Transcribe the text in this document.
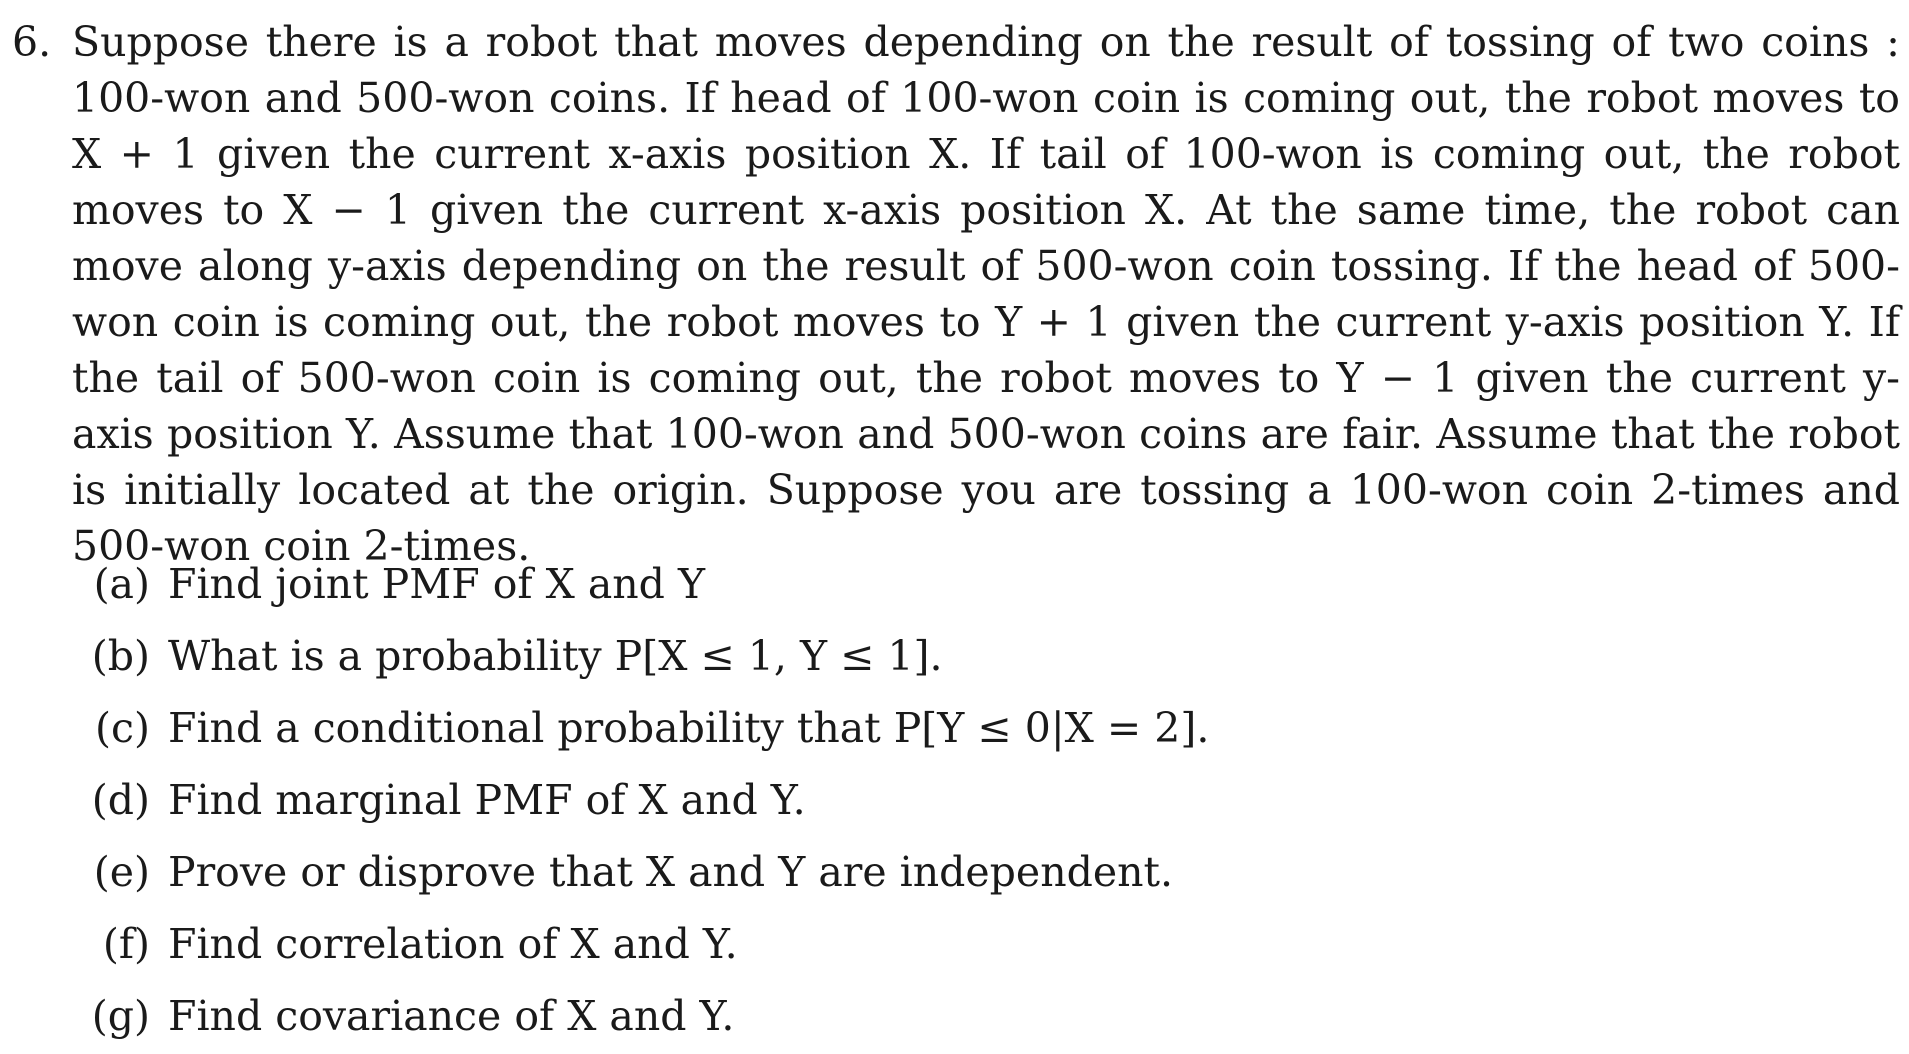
6. Suppose there is a robot that moves depending on the result of tossing of two coins : 100-won and 500-won coins. If head of 100-won coin is coming out, the robot moves to X + 1 given the current x-axis position X. If tail of 100-won is coming out, the robot moves to X − 1 given the current x-axis position X. At the same time, the robot can move along y-axis depending on the result of 500-won coin tossing. If the head of 500-won coin is coming out, the robot moves to Y + 1 given the current y-axis position Y. If the tail of 500-won coin is coming out, the robot moves to Y − 1 given the current y-axis position Y. Assume that 100-won and 500-won coins are fair. Assume that the robot is initially located at the origin. Suppose you are tossing a 100-won coin 2-times and 500-won coin 2-times.
(a) Find joint PMF of X and Y
(b) What is a probability P[X ≤ 1, Y ≤ 1].
(c) Find a conditional probability that P[Y ≤ 0|X = 2].
(d) Find marginal PMF of X and Y.
(e) Prove or disprove that X and Y are independent.
(f) Find correlation of X and Y.
(g) Find covariance of X and Y.
